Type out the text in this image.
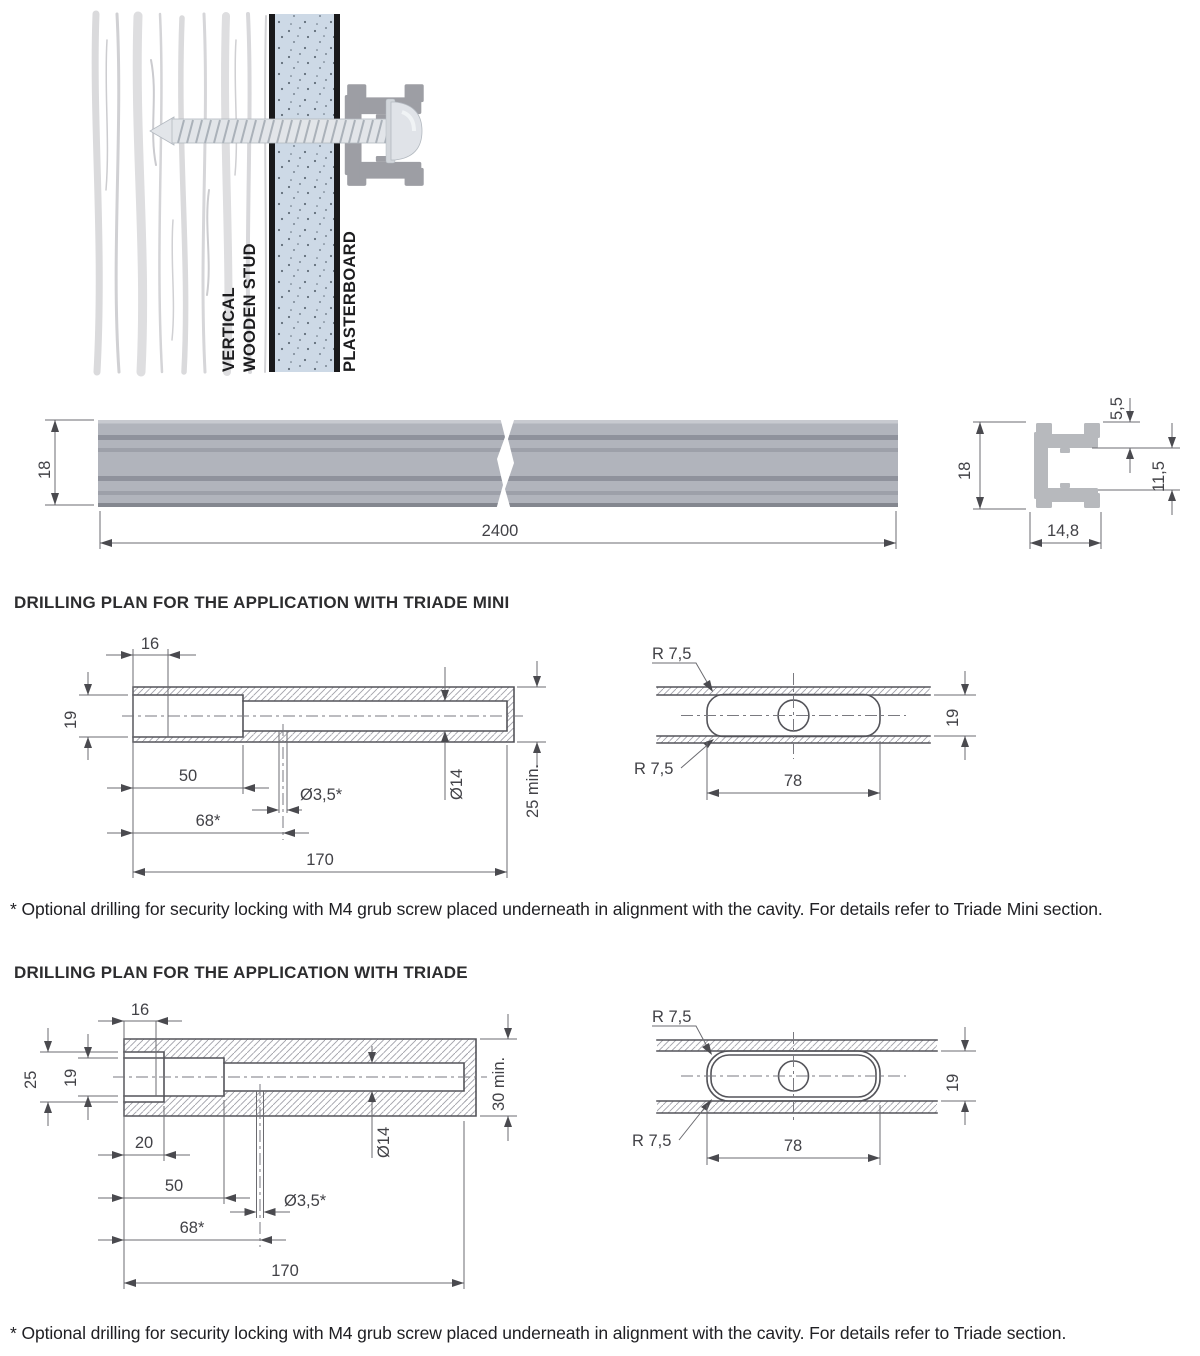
VERTICAL WOODEN STUD	PLASTERBOARD
18
2400
18
5,5
11,5
14,8
DRILLING PLAN FOR THE APPLICATION WITH TRIADE MINI
16
19
50
68*
170
Ø3,5*	Ø14	25 min.
R 7,5
R 7,5
78
19
* Optional drilling for security locking with M4 grub screw placed underneath in alignment with the cavity. For details refer to Triade Mini section.
DRILLING PLAN FOR THE APPLICATION WITH TRIADE
16
25 19
20
50
68*
170
Ø3,5*
Ø14
30 min.
R 7,5
R 7,5	78
19
* Optional drilling for security locking with M4 grub screw placed underneath in alignment with the cavity. For details refer to Triade section.
